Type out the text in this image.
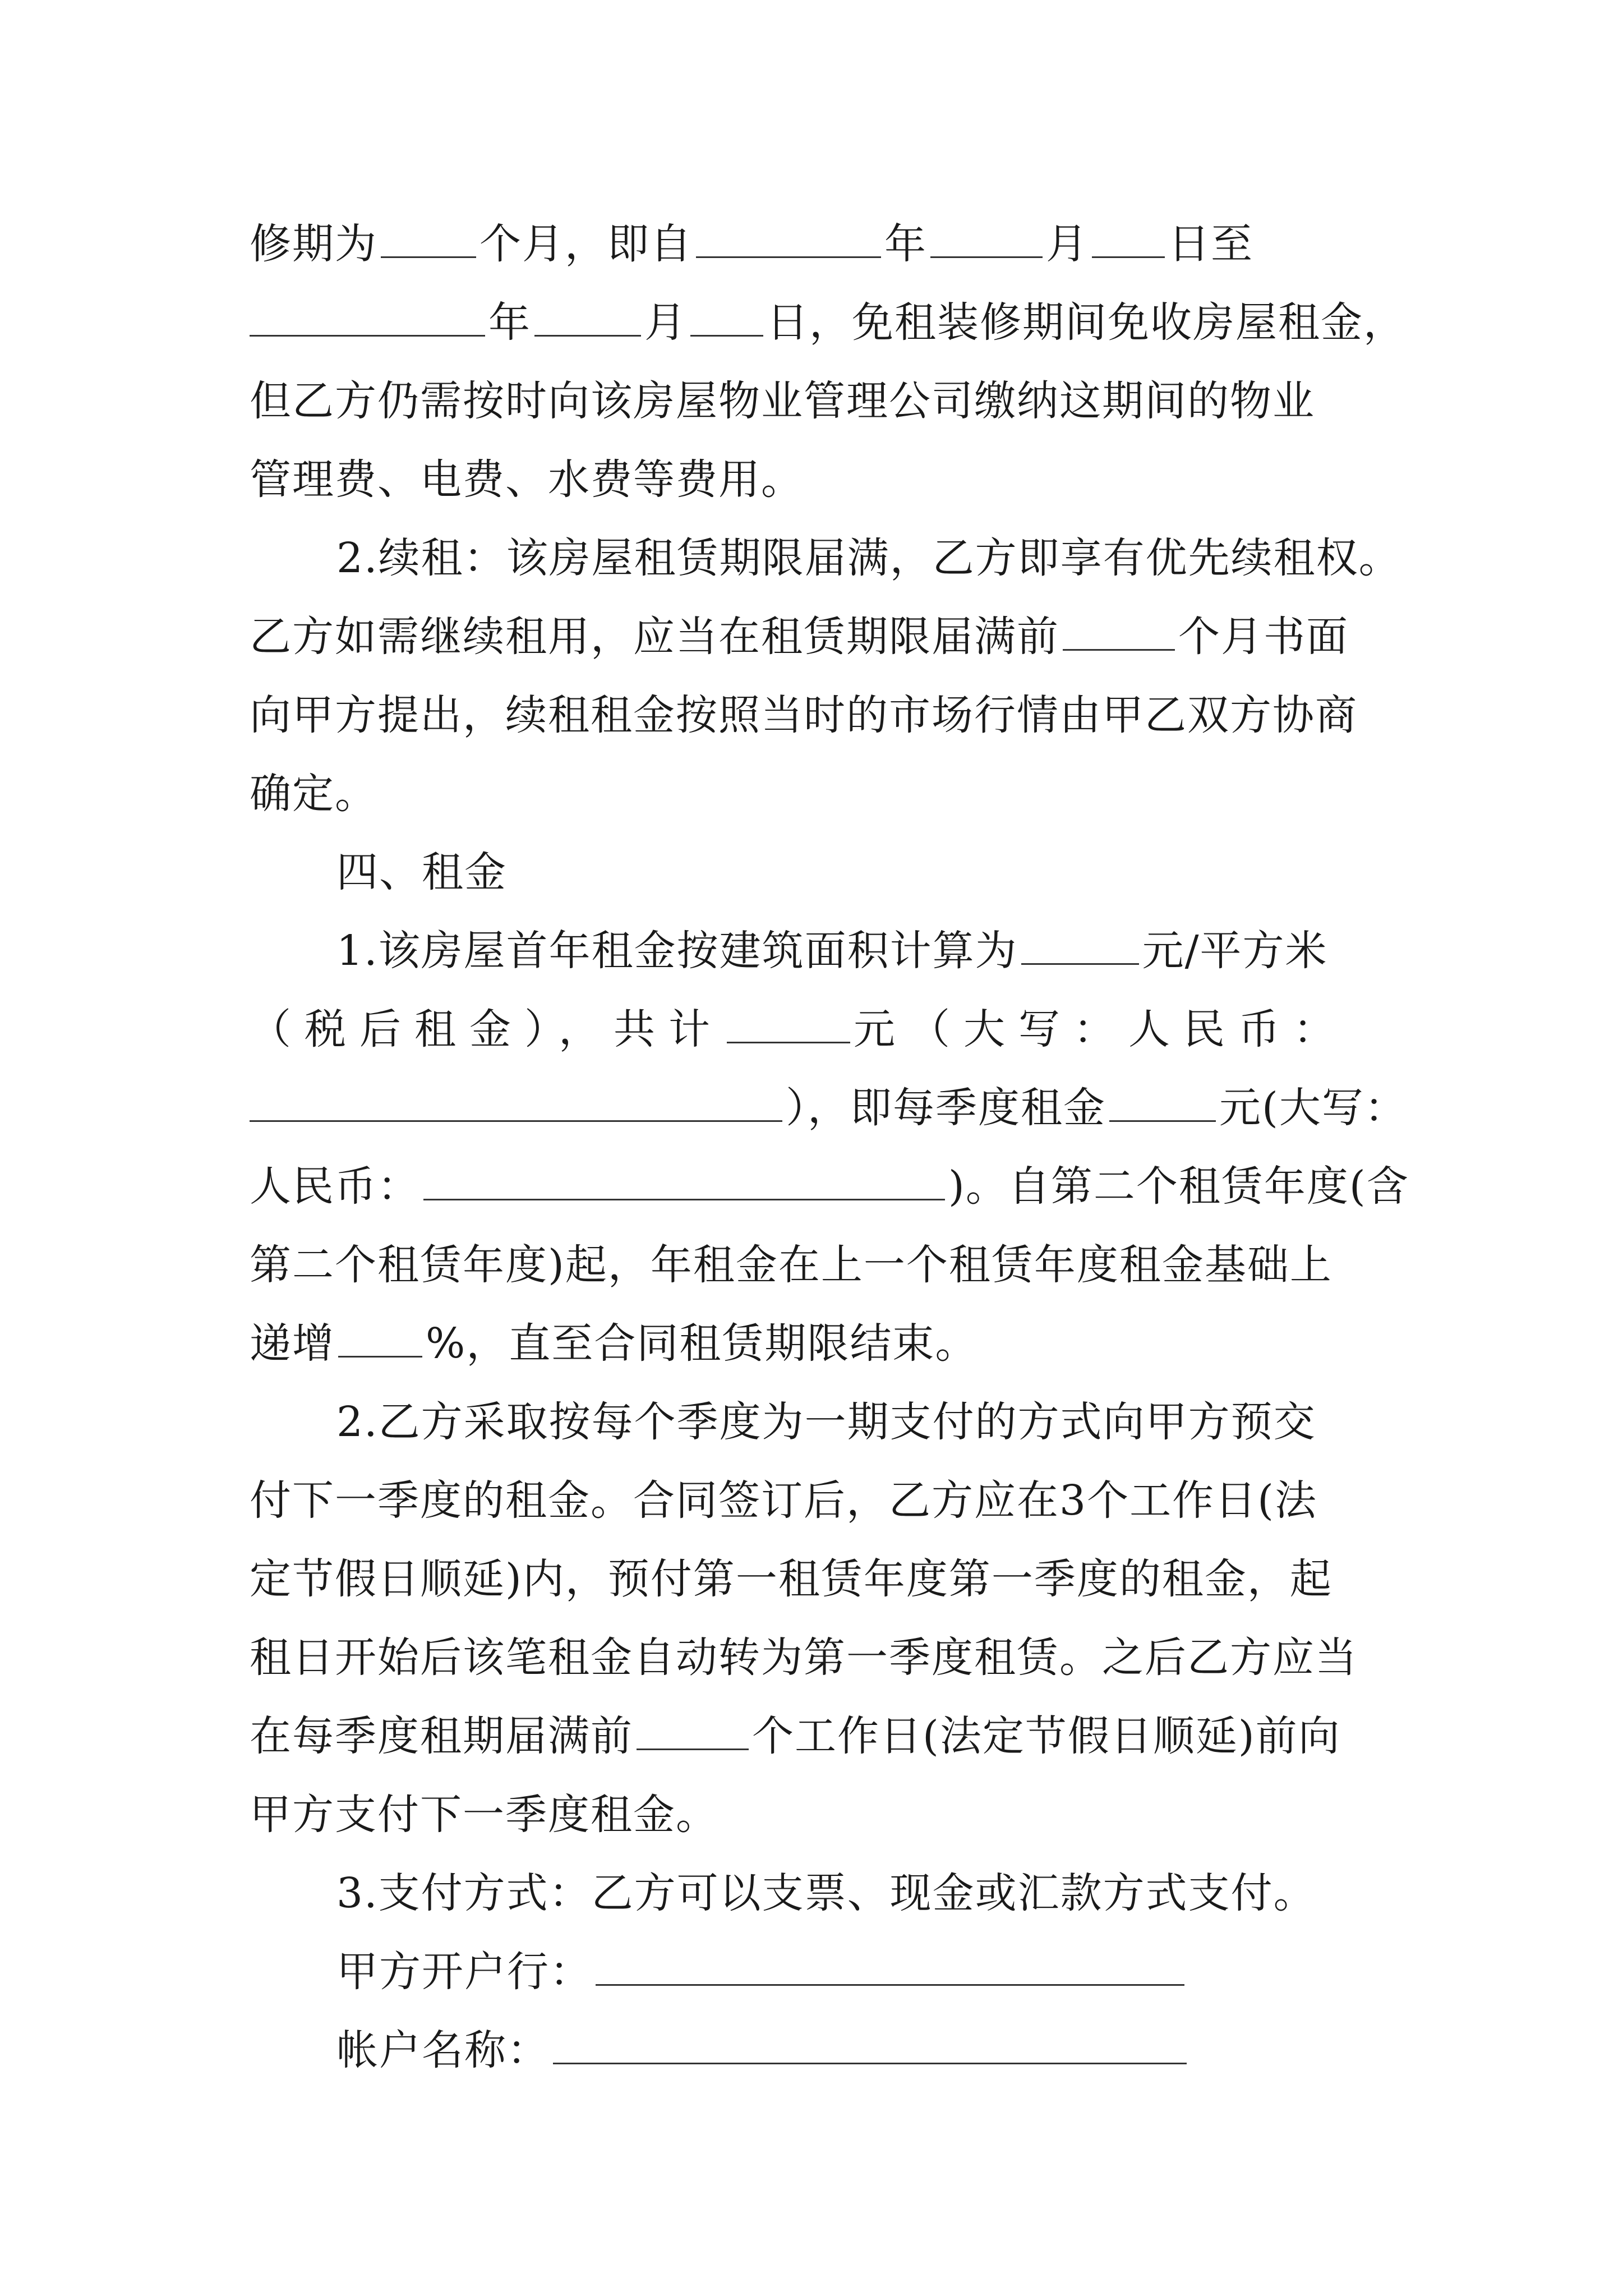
修期为 个月，即自	年	月 日至
年	月 日，免租装修期间免收房屋租金，
但乙方仍需按时向该房屋物业管理公司缴纳这期间的物业
管理费、电费、水费等费用。
2.续租：该房屋租赁期限届满，乙方即享有优先续租权。
乙方如需继续租用，应当在租赁期限届满前	个月书面
向甲方提出，续租租金按照当时的市场行情由甲乙双方协商
确定。
四、租金
1.该房屋首年租金按建筑面积计算为	元/平方米
（税后租金），共计	元（大写：人民币：
），即每季度租金	元(大写：
人民币：	)。自第二个租赁年度(含
第二个租赁年度)起，年租金在上一个租赁年度租金基础上
递增 %，直至合同租赁期限结束。
2.乙方采取按每个季度为一期支付的方式向甲方预交
付下一季度的租金。合同签订后，乙方应在3个工作日(法
定节假日顺延)内，预付第一租赁年度第一季度的租金，起
租日开始后该笔租金自动转为第一季度租赁。之后乙方应当
在每季度租期届满前	个工作日(法定节假日顺延)前向
甲方支付下一季度租金。
3.支付方式：乙方可以支票、现金或汇款方式支付。
甲方开户行：
帐户名称：
